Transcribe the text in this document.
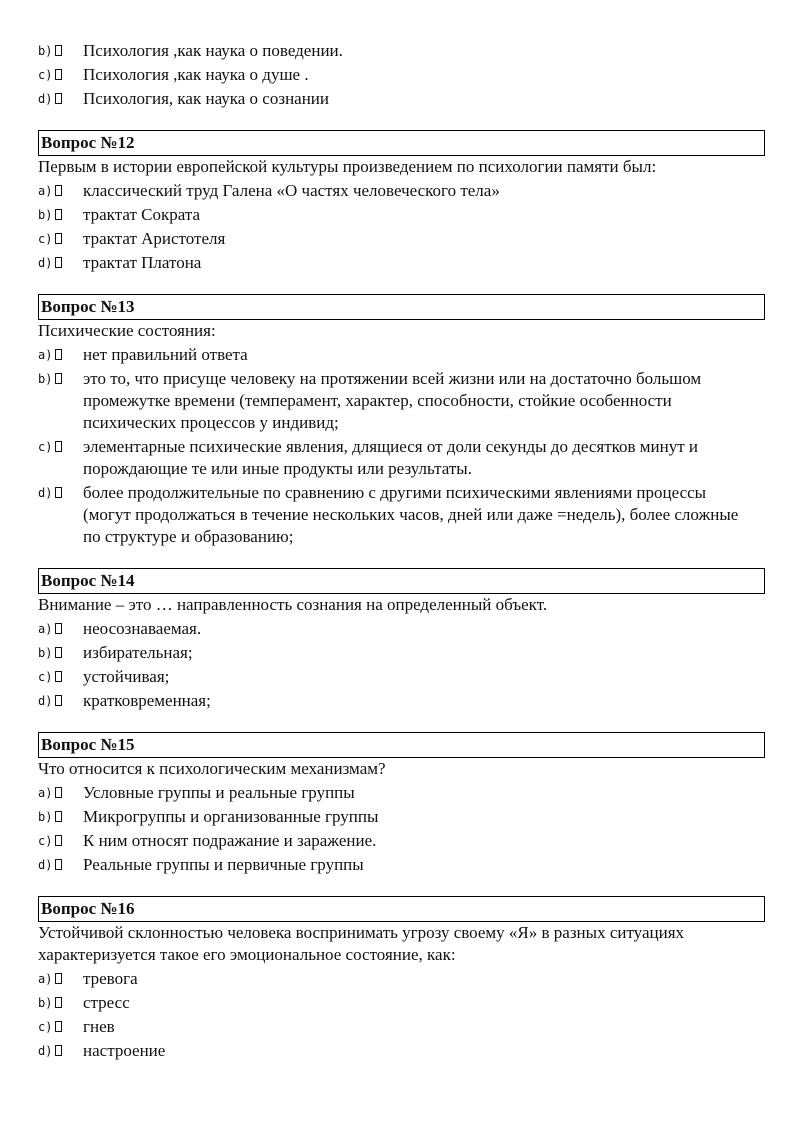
b)	Психология ,как наука о поведении.
c)	Психология ,как наука о душе .
d)	Психология, как наука о сознании
Вопрос №12
Первым в истории европейской культуры произведением по психологии памяти был:
a)	классический труд Галена «О частях человеческого тела»
b)	трактат Сократа
c)	трактат Аристотеля
d)	трактат Платона
Вопрос №13
Психические состояния:
a)	нет правильний ответа
b)	это то, что присуще человеку на протяжении всей жизни или на достаточно большом промежутке времени (темперамент, характер, способности, стойкие особенности психических процессов у индивид;
c)	элементарные психические явления, длящиеся от доли секунды до десятков минут и порождающие те или иные продукты или результаты.
d)	более продолжительные по сравнению с другими психическими явлениями процессы (могут продолжаться в течение нескольких часов, дней или даже =недель), более сложные по структуре и образованию;
Вопрос №14
Внимание – это … направленность сознания на определенный объект.
a)	неосознаваемая.
b)	избирательная;
c)	устойчивая;
d)	кратковременная;
Вопрос №15
Что относится к психологическим механизмам?
a)	Условные группы и реальные группы
b)	Микрогруппы и организованные группы
c)	К ним относят подражание и заражение.
d)	Реальные группы и первичные группы
Вопрос №16
Устойчивой склонностью человека воспринимать угрозу своему «Я» в разных ситуациях характеризуется такое его эмоциональное состояние, как:
a)	тревога
b)	стресс
c)	гнев
d)	настроение
